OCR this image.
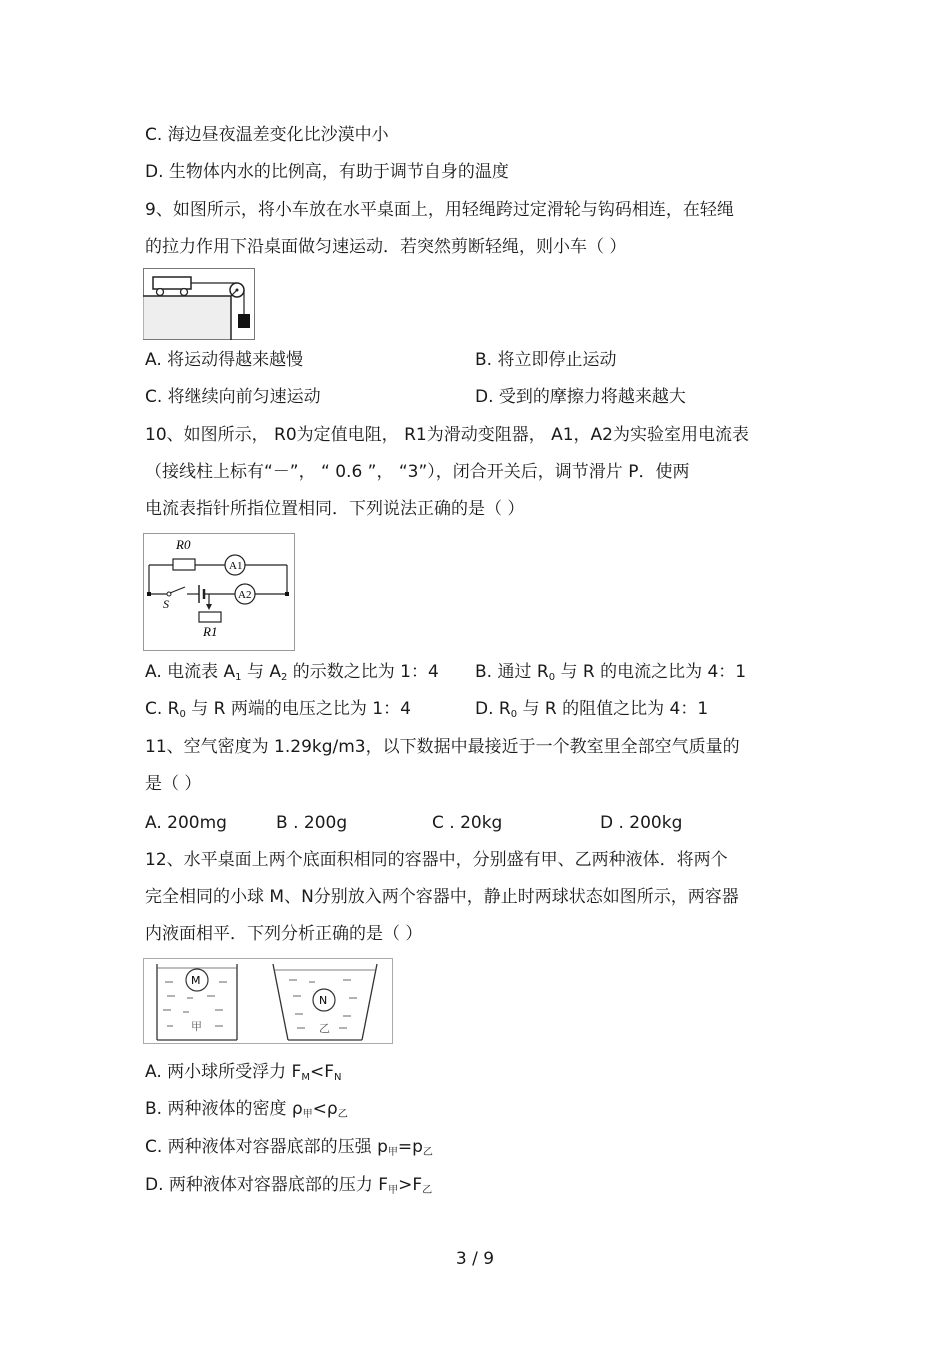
C. 海边昼夜温差变化比沙漠中小
D. 生物体内水的比例高，有助于调节自身的温度
9、如图所示，将小车放在水平桌面上，用轻绳跨过定滑轮与钩码相连，在轻绳
的拉力作用下沿桌面做匀速运动．若突然剪断轻绳，则小车（ ）
A. 将运动得越来越慢	B. 将立即停止运动
C. 将继续向前匀速运动	D. 受到的摩擦力将越来越大
10、如图所示， R0为定值电阻， R1为滑动变阻器， A1，A2为实验室用电流表
（接线柱上标有“－”， “ 0.6 ”， “3”），闭合开关后，调节滑片 P．使两
电流表指针所指位置相同．下列说法正确的是（ ）
R0
A1
S
A2
R1
A. 电流表 $A_1$ 与 $A_2$ 的示数之比为 1：4 B. 通过 $R_0$ 与 R 的电流之比为 4：1
C. $R_0$ 与 R 两端的电压之比为 1：4	D. $R_0$ 与 R 的阻值之比为 4：1
11、空气密度为 1.29kg/m3，以下数据中最接近于一个教室里全部空气质量的
是（ ）
A. 200mg	B . 200g	C . 20kg	D . 200kg
12、水平桌面上两个底面积相同的容器中，分别盛有甲、乙两种液体．将两个
完全相同的小球 M、N分别放入两个容器中，静止时两球状态如图所示，两容器
内液面相平．下列分析正确的是（ ）
M
甲
N
乙
A. 两小球所受浮力 $F_M<F_N$
B. 两种液体的密度 $\rho_甲<\rho_乙$
C. 两种液体对容器底部的压强 $p_甲=p_乙$
D. 两种液体对容器底部的压力 $F_甲>F_乙$
3 / 9
